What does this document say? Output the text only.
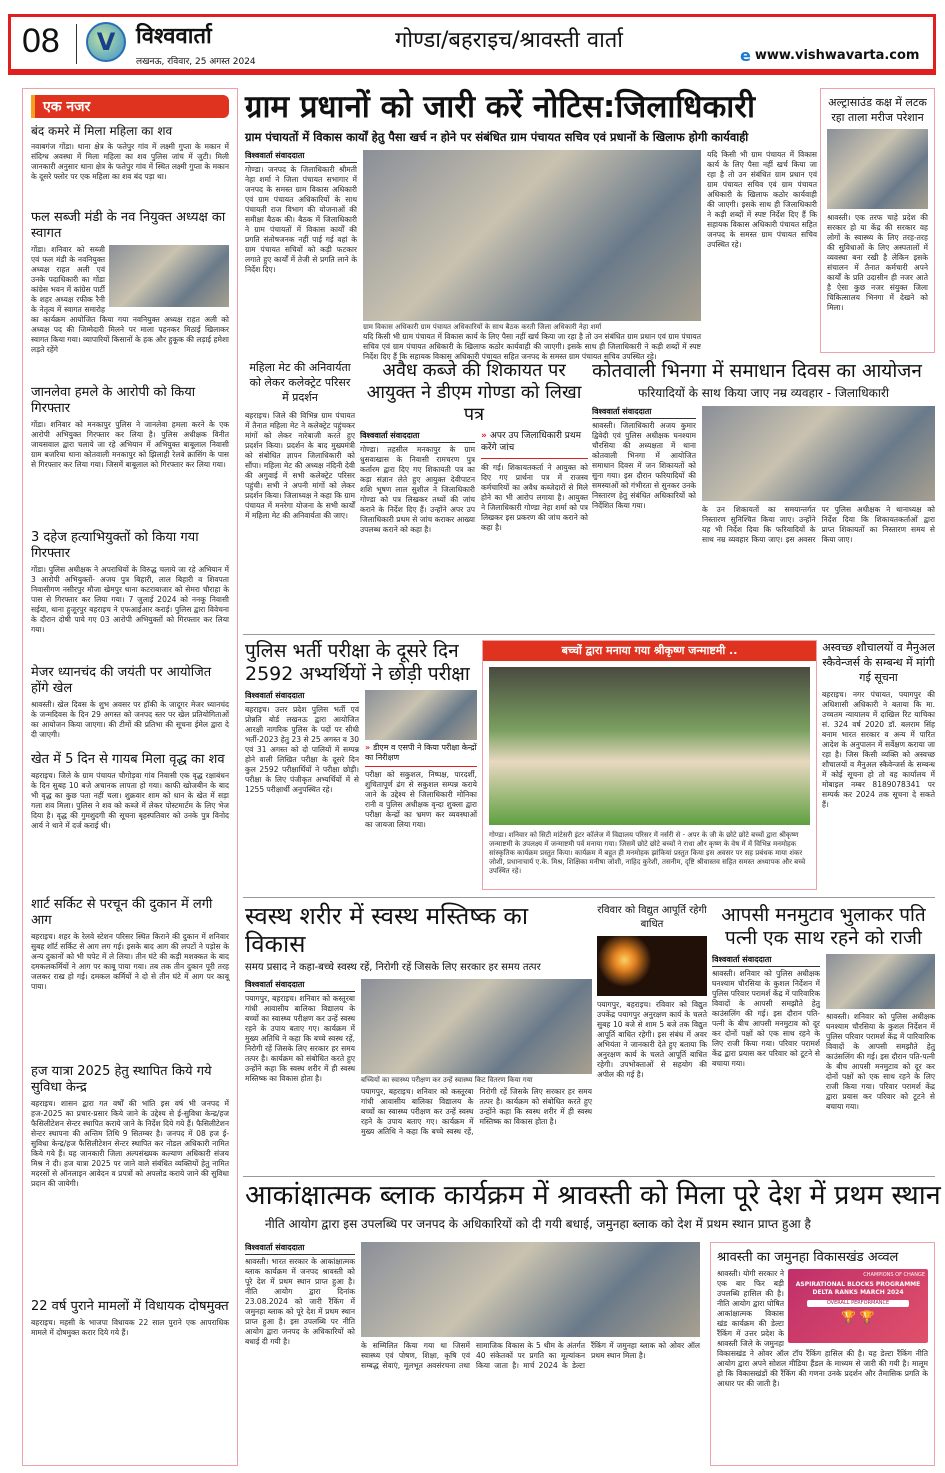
08	V विश्ववार्ता
लखनऊ, रविवार, 25 अगस्त 2024
गोण्डा/बहराइच/श्रावस्ती वार्ता
e www.vishwavarta.com
एक नजर
बंद कमरे में मिला महिला का शव
नवाबगंज गोंडा। थाना क्षेत्र के फतेपुर गांव में लक्ष्मी गुप्ता के मकान में संदिग्ध अवस्था में मिला महिला का शव पुलिस जांच में जुटी। मिली जानकारी अनुसार थाना क्षेत्र के फतेपुर गांव में स्थित लक्ष्मी गुप्ता के मकान के दूसरे फ्लोर पर एक महिला का शव बंद पड़ा था।
फल सब्जी मंडी के नव नियुक्त अध्यक्ष का स्वागत
गोंडा। शनिवार को सब्जी एवं फल मंडी के नवनियुक्त अध्यक्ष राहत अली एवं उनके पदाधिकारी का गोंडा कांग्रेस भवन में कांग्रेस पार्टी के शहर अध्यक्ष रफीक रैनी के नेतृत्व में स्वागत समारोह का कार्यक्रम आयोजित किया गया नवनियुक्त अध्यक्ष राहत अली को अध्यक्ष पद की जिम्मेदारी मिलने पर माला पहनकर मिठाई खिलाकर स्वागत किया गया। व्यापारियों किसानों के हक और हुकूक की लड़ाई हमेशा लड़ते रहेंगे
जानलेवा हमले के आरोपी को किया गिरफ्तार
गोंडा। शनिवार को मनकापुर पुलिस ने जानलेवा हमला करने के एक आरोपी अभियुक्त गिरफ्तार कर लिया है। पुलिस अधीक्षक विनीत जायसवाल द्वारा चलाये जा रहे अभियान में अभियुक्त बाबूलाल निवासी ग्राम बजरिया थाना कोतवाली मनकापुर को झिलाही रेलवे क्रासिंग के पास से गिरफ्तार कर लिया गया। जिसमें बाबूलाल को गिरफ्तार कर लिया गया।
3 दहेज हत्याभियुक्तों को किया गया गिरफ्तार
गोंडा। पुलिस अधीक्षक ने अपराधियों के विरुद्ध चलाये जा रहे अभियान में 3 आरोपी अभियुक्तों- अजय पुत्र बिहारी, लाल बिहारी व शिवपता निवासीगण नसीरपुर मौजा खेमपुर थाना कटराबाजार को सेमरा चौराहा के पास से गिरफ्तार कर लिया गया। 7 जुलाई 2024 को ननकू निवासी सईया, थाना हुजूरपुर बहराइच ने एफआईआर कराई। पुलिस द्वारा विवेचना के दौरान दोषी पाये गए 03 आरोपी अभियुक्तों को गिरफ्तार कर लिया गया।
मेजर ध्यानचंद की जयंती पर आयोजित होंगे खेल
श्रावस्ती। खेल दिवस के शुभ अवसर पर हॉकी के जादूगर मेजर ध्यानचंद के जन्मदिवस के दिन 29 अगस्त को जनपद स्तर पर खेल प्रतियोगिताओं का आयोजन किया जाएगा। की टीमों की प्रतिभा की सूचना ईमेल द्वारा दे दी जाएगी।
खेत में 5 दिन से गायब मिला वृद्ध का शव
बहराइच। जिले के ग्राम पंचायत चौगोड़वा गांव निवासी एक वृद्ध रक्षाबंधन के दिन सुबह 10 बजे अचानक लापता हो गया। काफी खोजबीन के बाद भी वृद्ध का कुछ पता नहीं चला। शुक्रवार शाम को धान के खेत में सड़ा गला शव मिला। पुलिस ने शव को कब्जे में लेकर पोस्टमार्टम के लिए भेज दिया है। वृद्ध की गुमशुदगी की सूचना बृहस्पतिवार को उनके पुत्र विनोद आर्य ने थाने में दर्ज कराई थी।
शार्ट सर्किट से परचून की दुकान में लगी आग
बहराइच। शहर के रेलवे स्टेशन परिसर स्थित किराने की दुकान में शनिवार सुबह शॉर्ट सर्किट से आग लग गई। इसके बाद आग की लपटों ने पड़ोस के अन्य दुकानों को भी चपेट में ले लिया। तीन घंटे की कड़ी मशक्कत के बाद दमकलकर्मियों ने आग पर काबू पाया गया। तब तक तीन दुकान पूरी तरह जलकर राख हो गई। दमकल कर्मियों ने दो से तीन घंटे में आग पर काबू पाया।
हज यात्रा 2025 हेतु स्थापित किये गये सुविधा केन्द्र
बहराइच। शासन द्वारा गत वर्षों की भांति इस वर्ष भी जनपद में हज-2025 का प्रचार-प्रसार किये जाने के उद्देश्य से ई-सुविधा केन्द्र/हज फैसिलीटेशन सेन्टर स्थापित कराये जाने के निर्देश दिये गये हैं। फैसिलीटेशन सेन्टर स्थापना की अन्तिम तिथि 9 सितम्बर है। जनपद में 08 हज ई-सुविधा केन्द्र/हज फैसिलीटेशन सेन्टर स्थापित कर नोडल अधिकारी नामित किये गये हैं। यह जानकारी जिला अल्पसंख्यक कल्याण अधिकारी संजय मिश्र ने दी। हज यात्रा 2025 पर जाने वाले संबंधित व्यक्तियों हेतु नामित मदरसों से ऑनलाइन आवेदन व प्रपत्रों को अपलोड कराये जाने की सुविधा प्रदान की जायेगी।
22 वर्ष पुराने मामलों में विधायक दोषमुक्त
बहराइच। महसी के भाजपा विधायक 22 साल पुराने एक आपराधिक मामले में दोषमुक्त करार दिये गये हैं।
ग्राम प्रधानों को जारी करें नोटिस:जिलाधिकारी
ग्राम पंचायतों में विकास कार्यों हेतु पैसा खर्च न होने पर संबंधित ग्राम पंचायत सचिव एवं प्रधानों के खिलाफ होगी कार्यवाही
विश्ववार्ता संवाददाता
गोण्डा। जनपद के जिलाधिकारी श्रीमती नेहा शर्मा ने जिला पंचायत सभागार में जनपद के समस्त ग्राम विकास अधिकारी एवं ग्राम पंचायत अधिकारियों के साथ पंचायती राज विभाग की योजनाओं की समीक्षा बैठक की। बैठक में जिलाधिकारी ने ग्राम पंचायतों में विकास कार्यों की प्रगति संतोषजनक नहीं पाई गई वहां के ग्राम पंचायत सचिवों को कड़ी फटकार लगाते हुए कार्यों में तेजी से प्रगति लाने के निर्देश दिए।
ग्राम विकास अधिकारी ग्राम पंचायत अधिकारियों के साथ बैठक करती जिला अधिकारी नेहा शर्मा
यदि किसी भी ग्राम पंचायत में विकास कार्य के लिए पैसा नहीं खर्च किया जा रहा है तो उन संबंधित ग्राम प्रधान एवं ग्राम पंचायत सचिव एवं ग्राम पंचायत अधिकारी के खिलाफ कठोर कार्यवाही की जाएगी। इसके साथ ही जिलाधिकारी ने कड़ी शब्दों में स्पष्ट निर्देश दिए हैं कि सहायक विकास अधिकारी पंचायत सहित जनपद के समस्त ग्राम पंचायत सचिव उपस्थित रहे।
यदि किसी भी ग्राम पंचायत में विकास कार्य के लिए पैसा नहीं खर्च किया जा रहा है तो उन संबंधित ग्राम प्रधान एवं ग्राम पंचायत सचिव एवं ग्राम पंचायत अधिकारी के खिलाफ कठोर कार्यवाही की जाएगी। इसके साथ ही जिलाधिकारी ने कड़ी शब्दों में स्पष्ट निर्देश दिए हैं कि सहायक विकास अधिकारी पंचायत सहित जनपद के समस्त ग्राम पंचायत सचिव उपस्थित रहे।
अल्ट्रासाउंड कक्ष में लटक रहा ताला मरीज परेशान
श्रावस्ती। एक तरफ चाहे प्रदेश की सरकार हो या केंद्र की सरकार वह लोगों के स्वास्थ्य के लिए तरह-तरह की सुविधाओं के लिए अस्पतालों में व्यवस्था बना रखी है लेकिन इसके संचालन में तैनात कर्मचारी अपने कार्यों के प्रति उदासीन ही नजर आते है ऐसा कुछ नजर संयुक्त जिला चिकित्सालय भिनगा में देखने को मिला।
महिला मेट की अनिवार्यता को लेकर कलेक्ट्रेट परिसर में प्रदर्शन
बहराइच। जिले की विभिन्न ग्राम पंचायत में तैनात महिला मेट ने कलेक्ट्रेट पहुंचकर मांगों को लेकर नारेबाजी करते हुए प्रदर्शन किया। प्रदर्शन के बाद मुख्यमंत्री को संबोधित ज्ञापन जिलाधिकारी को सौंपा। महिला मेट की अध्यक्ष नंदिनी देवी की अगुवाई में सभी कलेक्ट्रेट परिसर पहुंची। सभी ने अपनी मांगों को लेकर प्रदर्शन किया। जिलाध्यक्ष ने कहा कि ग्राम पंचायत में मनरेगा योजना के सभी कार्यों में महिला मेट की अनिवार्यता की जाए।
अवैध कब्जे की शिकायत पर आयुक्त ने डीएम गोण्डा को लिखा पत्र
विश्ववार्ता संवाददाता
गोण्डा। तहसील मनकापुर के ग्राम धुसवाखास के निवासी रामचरण पुत्र कर्तारम द्वारा दिए गए शिकायती पत्र का कड़ा संज्ञान लेते हुए आयुक्त देवीपाटन शशि भूषण लाल सुशील ने जिलाधिकारी गोण्डा को पत्र लिखकर तथ्यों की जांच कराने के निर्देश दिए हैं। उन्होंने अपर उप जिलाधिकारी प्रथम से जांच कराकर आख्या उपलब्ध कराने को कहा है।
» अपर उप जिलाधिकारी प्रथम करेंगे जांच
की गई। शिकायतकर्ता ने आयुक्त को दिए गए प्रार्थना पत्र में राजस्व कर्मचारियों का अवैध कब्जेदारों से मिले होने का भी आरोप लगाया है। आयुक्त ने जिलाधिकारी गोण्डा नेहा शर्मा को पत्र लिखकर इस प्रकरण की जांच कराने को कहा है।
कोतवाली भिनगा में समाधान दिवस का आयोजन
फरियादियों के साथ किया जाए नम्र व्यवहार - जिलाधिकारी
विश्ववार्ता संवाददाता
श्रावस्ती। जिलाधिकारी अजय कुमार द्विवेदी एवं पुलिस अधीक्षक घनश्याम चौरसिया की अध्यक्षता में थाना कोतवाली भिनगा में आयोजित समाधान दिवस में जन शिकायतों को सुना गया। इस दौरान फरियादियों की समस्याओं को गंभीरता से सुनकर उनके निस्तारण हेतु संबंधित अधिकारियों को निर्देशित किया गया।	के उन शिकायतों का समयान्तर्गत निस्तारण सुनिश्चित किया जाए। उन्होंने यह भी निर्देश दिया कि फरियादियों के साथ नम्र व्यवहार किया जाए। इस अवसर पर पुलिस अधीक्षक ने थानाध्यक्ष को निर्देश दिया कि शिकायतकर्ताओं द्वारा प्राप्त शिकायतों का निस्तारण समय से किया जाए।
पुलिस भर्ती परीक्षा के दूसरे दिन 2592 अभ्यर्थियों ने छोड़ी परीक्षा
विश्ववार्ता संवाददाता
बहराइच। उत्तर प्रदेश पुलिस भर्ती एवं प्रोन्नति बोर्ड लखनऊ द्वारा आयोजित आरक्षी नागरिक पुलिस के पदों पर सीधी भर्ती-2023 हेतु 23 से 25 अगस्त व 30 एवं 31 अगस्त को दो पालियों में सम्पन्न होने वाली लिखित परीक्षा के दूसरे दिन कुल 2592 परीक्षार्थियों ने परीक्षा छोड़ी। परीक्षा के लिए पंजीकृत अभ्यर्थियों में से 1255 परीक्षार्थी अनुपस्थित रहे।
» डीएम व एसपी ने किया परीक्षा केन्द्रों का निरीक्षण
परीक्षा को सकुशल, निष्पक्ष, पारदर्शी, शुचितापूर्ण ढंग से सकुशल सम्पन्न कराये जाने के उद्देश्य से जिलाधिकारी मोनिका रानी व पुलिस अधीक्षक वृन्दा शुक्ला द्वारा परीक्षा केन्द्रों का भ्रमण कर व्यवस्थाओं का जायजा लिया गया।
बच्चों द्वारा मनाया गया श्रीकृष्ण जन्माष्टमी ..
गोण्डा। शनिवार को सिटी मांटेसरी इंटर कॉलेज में विद्यालय परिसर में नर्सरी से - अपर के जी के छोटे छोटे बच्चों द्वारा श्रीकृष्ण जन्माष्टमी के उपलक्ष्य में जन्माष्टमी पर्व मनाया गया। जिसमें छोटे छोटे बच्चों ने राधा और कृष्ण के वेष में में विभिन्न मनमोहक सांस्कृतिक कार्यक्रम प्रस्तुत किया। कार्यक्रम में बहुत ही मनमोहक झांकियां प्रस्तुत किया इस अवसर पर सह प्रबंधक माया शंकर जोशी, प्रधानाचार्य ए.के. मिश्र, शिक्षिका मनीषा जोशी, नाहिद कुरेशी, तसनीम, दृष्टि श्रीवास्तव सहित समस्त अध्यापक और बच्चे उपस्थित रहे।
अस्वच्छ शौचालयों व मैनुअल स्कैवेन्जर्स के सम्बन्ध में मांगी गई सूचना
बहराइच। नगर पंचायत, पयागपुर की अधिशासी अधिकारी ने बताया कि मा. उच्चतम न्यायालय में दाखिल रिट याचिका सं. 324 वर्ष 2020 डॉ. बलराम सिंह बनाम भारत सरकार व अन्य में पारित आदेश के अनुपालन में सर्वेक्षण कराया जा रहा है। जिस किसी व्यक्ति को अस्वच्छ शौचालयों व मैनुअल स्कैवेन्जर्स के सम्बन्ध में कोई सूचना हो तो वह कार्यालय में मोबाइल नम्बर 8189078341 पर सम्पर्क कर 2024 तक सूचना दे सकते हैं।
स्वस्थ शरीर में स्वस्थ मस्तिष्क का विकास
समय प्रसाद ने कहा-बच्चे स्वस्थ रहें, निरोगी रहें जिसके लिए सरकार हर समय तत्पर
विश्ववार्ता संवाददाता
पयागपुर, बहराइच। शनिवार को कस्तूरबा गांधी आवासीय बालिका विद्यालय के बच्चों का स्वास्थ्य परीक्षण कर उन्हें स्वस्थ रहने के उपाय बताए गए। कार्यक्रम में मुख्य अतिथि ने कहा कि बच्चे स्वस्थ रहें, निरोगी रहें जिसके लिए सरकार हर समय तत्पर है। कार्यक्रम को संबोधित करते हुए उन्होंने कहा कि स्वस्थ शरीर में ही स्वस्थ मस्तिष्क का विकास होता है।	बच्चियों का स्वास्थ्य परीक्षण कर उन्हें स्वास्थ्य किट वितरण किया गया
पयागपुर, बहराइच। शनिवार को कस्तूरबा गांधी आवासीय बालिका विद्यालय के बच्चों का स्वास्थ्य परीक्षण कर उन्हें स्वस्थ रहने के उपाय बताए गए। कार्यक्रम में मुख्य अतिथि ने कहा कि बच्चे स्वस्थ रहें, निरोगी रहें जिसके लिए सरकार हर समय तत्पर है। कार्यक्रम को संबोधित करते हुए उन्होंने कहा कि स्वस्थ शरीर में ही स्वस्थ मस्तिष्क का विकास होता है।
रविवार को विद्युत आपूर्ति रहेगी बाधित
पयागपुर, बहराइच। रविवार को विद्युत उपकेंद्र पयागपुर अनुरक्षण कार्य के चलते सुबह 10 बजे से शाम 5 बजे तक विद्युत आपूर्ति बाधित रहेगी। इस संबंध में अवर अभियंता ने जानकारी देते हुए बताया कि अनुरक्षण कार्य के चलते आपूर्ति बाधित रहेगी। उपभोक्ताओं से सहयोग की अपील की गई है।
आपसी मनमुटाव भुलाकर पति पत्नी एक साथ रहने को राजी
विश्ववार्ता संवाददाता
श्रावस्ती। शनिवार को पुलिस अधीक्षक घनश्याम चौरसिया के कुशल निर्देशन में पुलिस परिवार परामर्श केंद्र में पारिवारिक विवादों के आपसी समझौते हेतु काउंसलिंग की गई। इस दौरान पति-पत्नी के बीच आपसी मनमुटाव को दूर कर दोनों पक्षों को एक साथ रहने के लिए राजी किया गया। परिवार परामर्श केंद्र द्वारा प्रयास कर परिवार को टूटने से बचाया गया।
श्रावस्ती। शनिवार को पुलिस अधीक्षक घनश्याम चौरसिया के कुशल निर्देशन में पुलिस परिवार परामर्श केंद्र में पारिवारिक विवादों के आपसी समझौते हेतु काउंसलिंग की गई। इस दौरान पति-पत्नी के बीच आपसी मनमुटाव को दूर कर दोनों पक्षों को एक साथ रहने के लिए राजी किया गया। परिवार परामर्श केंद्र द्वारा प्रयास कर परिवार को टूटने से बचाया गया।
आकांक्षात्मक ब्लाक कार्यक्रम में श्रावस्ती को मिला पूरे देश में प्रथम स्थान
नीति आयोग द्वारा इस उपलब्धि पर जनपद के अधिकारियों को दी गयी बधाई, जमुनहा ब्लाक को देश में प्रथम स्थान प्राप्त हुआ है
विश्ववार्ता संवाददाता
श्रावस्ती। भारत सरकार के आकांक्षात्मक ब्लाक कार्यक्रम में जनपद श्रावस्ती को पूरे देश में प्रथम स्थान प्राप्त हुआ है। नीति आयोग द्वारा दिनांक 23.08.2024 को जारी रैंकिंग में जमुनहा ब्लाक को पूरे देश में प्रथम स्थान प्राप्त हुआ है। इस उपलब्धि पर नीति आयोग द्वारा जनपद के अधिकारियों को बधाई दी गयी है।	के सम्मिलित किया गया था जिसमें स्वास्थ्य एवं पोषण, शिक्षा, कृषि एवं सम्बद्ध सेवाएं, मूलभूत अवसंरचना तथा सामाजिक विकास के 5 थीम के अंतर्गत 40 संकेतकों पर प्रगति का मूल्यांकन किया जाता है। मार्च 2024 के डेल्टा रैंकिंग में जमुनहा ब्लाक को ओवर ऑल प्रथम स्थान मिला है।
श्रावस्ती का जमुनहा विकासखंड अव्वल
CHAMPIONS OF CHANGE
ASPIRATIONAL BLOCKS PROGRAMME
DELTA RANKS MARCH 2024
OVERALL PERFORMANCE
🏆 🏆
श्रावस्ती। योगी सरकार ने एक बार फिर बड़ी उपलब्धि हासिल की है। नीति आयोग द्वारा घोषित आकांक्षात्मक विकास खंड कार्यक्रम की डेल्टा रैंकिंग में उत्तर प्रदेश के श्रावस्ती जिले के जमुनहा विकासखंड ने ओवर ऑल टॉप रैंकिंग हासिल की है। यह डेल्टा रैंकिंग नीति आयोग द्वारा अपने सोशल मीडिया हैंडल के माध्यम से जारी की गयी है। मालूम हो कि विकासखंडों की रैंकिंग की गणना उनके प्रदर्शन और तैमासिक प्रगति के आधार पर की जाती है।
